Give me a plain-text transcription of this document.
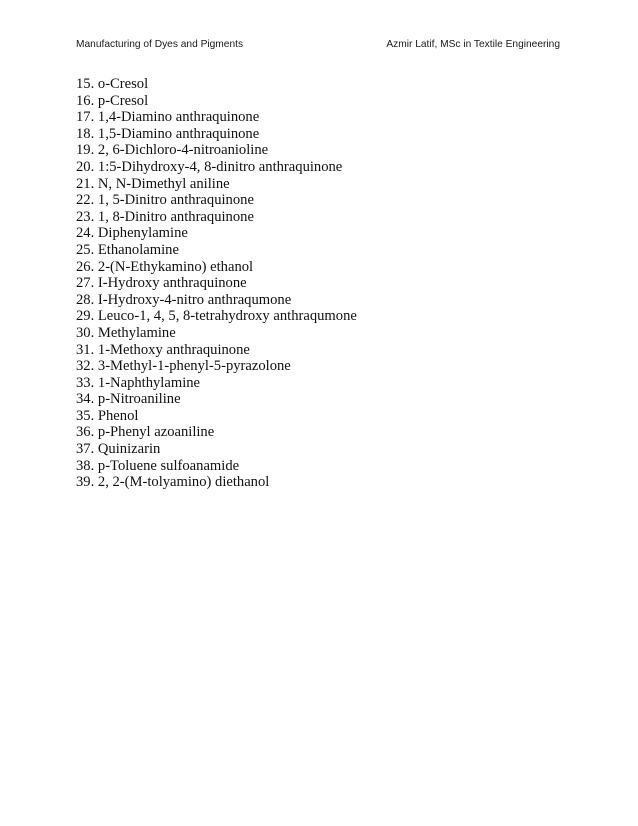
Manufacturing of Dyes and Pigments	Azmir Latif, MSc in Textile Engineering
15. o-Cresol
16. p-Cresol
17. 1,4-Diamino anthraquinone
18. 1,5-Diamino anthraquinone
19. 2, 6-Dichloro-4-nitroanioline
20. 1:5-Dihydroxy-4, 8-dinitro anthraquinone
21. N, N-Dimethyl aniline
22. 1, 5-Dinitro anthraquinone
23. 1, 8-Dinitro anthraquinone
24. Diphenylamine
25. Ethanolamine
26. 2-(N-Ethykamino) ethanol
27. I-Hydroxy anthraquinone
28. I-Hydroxy-4-nitro anthraqumone
29. Leuco-1, 4, 5, 8-tetrahydroxy anthraqumone
30. Methylamine
31. 1-Methoxy anthraquinone
32. 3-Methyl-1-phenyl-5-pyrazolone
33. 1-Naphthylamine
34. p-Nitroaniline
35. Phenol
36. p-Phenyl azoaniline
37. Quinizarin
38. p-Toluene sulfoanamide
39. 2, 2-(M-tolyamino) diethanol
